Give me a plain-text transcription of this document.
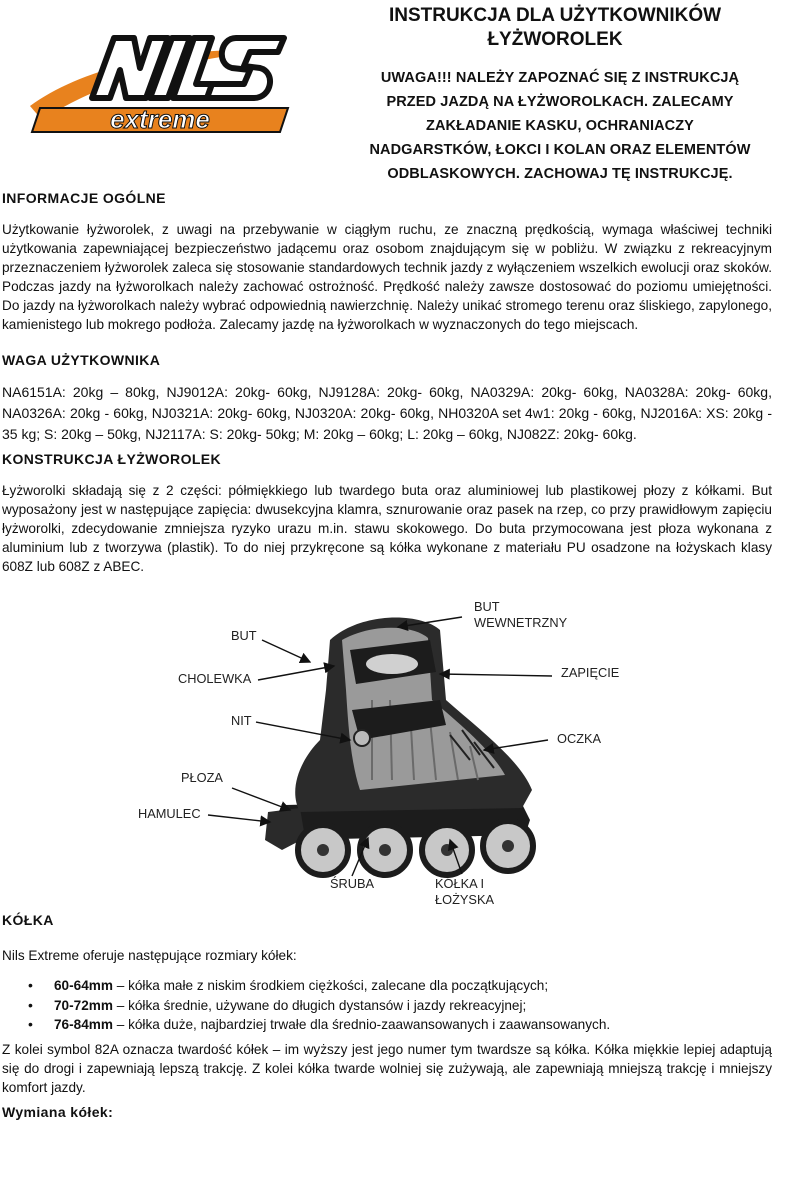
extreme
INSTRUKCJA DLA UŻYTKOWNIKÓW
ŁYŻWOROLEK
UWAGA!!! NALEŻY ZAPOZNAĆ SIĘ Z INSTRUKCJĄ
PRZED JAZDĄ NA ŁYŻWOROLKACH. ZALECAMY
ZAKŁADANIE KASKU, OCHRANIACZY
NADGARSTKÓW, ŁOKCI I KOLAN ORAZ ELEMENTÓW
ODBLASKOWYCH. ZACHOWAJ TĘ INSTRUKCJĘ.
INFORMACJE OGÓLNE
Użytkowanie łyżworolek, z uwagi na przebywanie w ciągłym ruchu, ze znaczną prędkością, wymaga właściwej techniki użytkowania zapewniającej bezpieczeństwo jadącemu oraz osobom znajdującym się w pobliżu. W związku z rekreacyjnym przeznaczeniem łyżworolek zaleca się stosowanie standardowych technik jazdy z wyłączeniem wszelkich ewolucji oraz skoków. Podczas jazdy na łyżworolkach należy zachować ostrożność. Prędkość należy zawsze dostosować do poziomu umiejętności. Do jazdy na łyżworolkach należy wybrać odpowiednią nawierzchnię. Należy unikać stromego terenu oraz śliskiego, zapylonego, kamienistego lub mokrego podłoża. Zalecamy jazdę na łyżworolkach w wyznaczonych do tego miejscach.
WAGA UŻYTKOWNIKA
NA6151A: 20kg – 80kg, NJ9012A: 20kg- 60kg, NJ9128A: 20kg- 60kg, NA0329A: 20kg- 60kg, NA0328A: 20kg- 60kg, NA0326A: 20kg - 60kg, NJ0321A: 20kg- 60kg, NJ0320A: 20kg- 60kg, NH0320A set 4w1: 20kg - 60kg, NJ2016A: XS: 20kg - 35 kg; S: 20kg – 50kg, NJ2117A: S: 20kg- 50kg; M: 20kg – 60kg; L: 20kg – 60kg, NJ082Z: 20kg- 60kg.
KONSTRUKCJA ŁYŻWOROLEK
Łyżworolki składają się z 2 części: półmiękkiego lub twardego buta oraz aluminiowej lub plastikowej płozy z kółkami. But wyposażony jest w następujące zapięcia: dwusekcyjna klamra, sznurowanie oraz pasek na rzep, co przy prawidłowym zapięciu łyżworolki, zdecydowanie zmniejsza ryzyko urazu m.in. stawu skokowego. Do buta przymocowana jest płoza wykonana z aluminium lub z tworzywa (plastik). To do niej przykręcone są kółka wykonane z materiału PU osadzone na łożyskach klasy 608Z lub 608Z z ABEC.
BUT
BUT
WEWNETRZNY
CHOLEWKA	ZAPIĘCIE
NIT
OCZKA
PŁOZA
HAMULEC
ŚRUBA	KÓŁKA I
ŁOŻYSKA
KÓŁKA
Nils Extreme oferuje następujące rozmiary kółek:
• 60-64mm – kółka małe z niskim środkiem ciężkości, zalecane dla początkujących;
• 70-72mm – kółka średnie, używane do długich dystansów i jazdy rekreacyjnej;
• 76-84mm – kółka duże, najbardziej trwałe dla średnio-zaawansowanych i zaawansowanych.
Z kolei symbol 82A oznacza twardość kółek – im wyższy jest jego numer tym twardsze są kółka. Kółka miękkie lepiej adaptują się do drogi i zapewniają lepszą trakcję. Z kolei kółka twarde wolniej się zużywają, ale zapewniają mniejszą trakcję i mniejszy komfort jazdy.
Wymiana kółek:
